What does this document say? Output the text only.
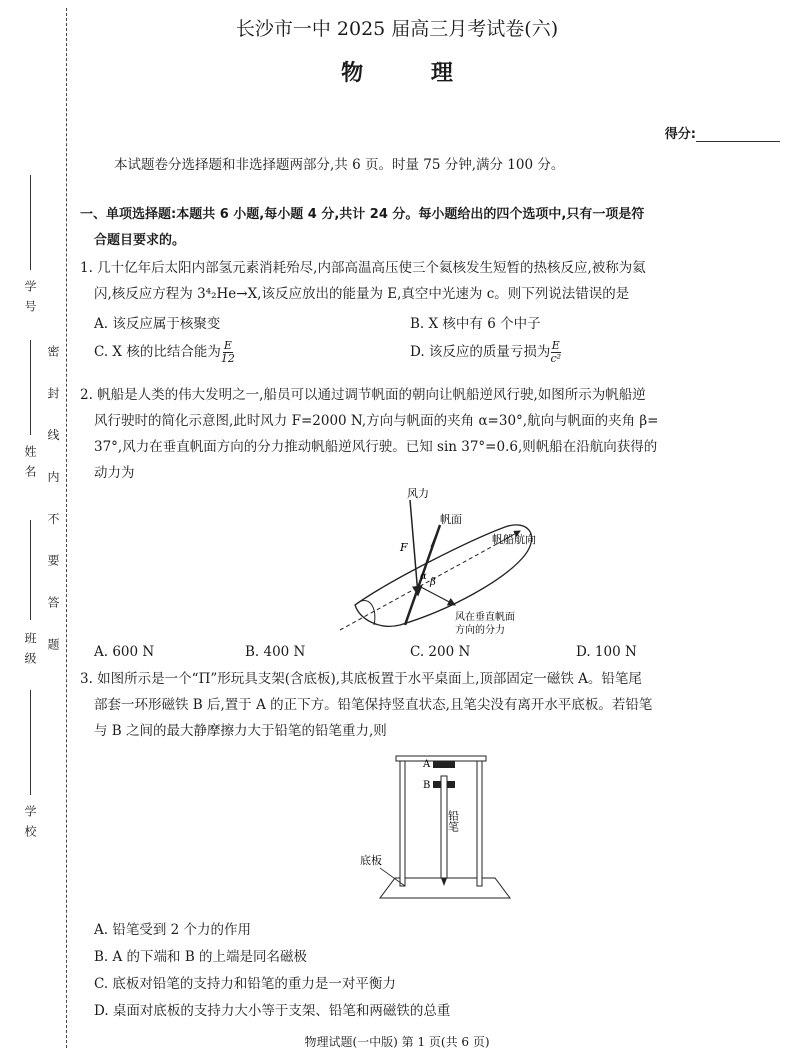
学 号
姓 名
班 级
学 校
密 封 线 内 不 要 答 题
长沙市一中 2025 届高三月考试卷(六)
物 理
得分:

本试题卷分选择题和非选择题两部分,共 6 页。时量 75 分钟,满分 100 分。

一、单项选择题:本题共 6 小题,每小题 4 分,共计 24 分。每小题给出的四个选项中,只有一项是符

合题目要求的。

1. 几十亿年后太阳内部氢元素消耗殆尽,内部高温高压使三个氦核发生短暂的热核反应,被称为氦

闪,核反应方程为 3⁴₂He→X,该反应放出的能量为 E,真空中光速为 c。则下列说法错误的是

A. 该反应属于核聚变	B. X 核中有 6 个中子
C. X 核的比结合能为 $\frac{E}{12}$	D. 该反应的质量亏损为 $\frac{E}{\text{c²}}$

2. 帆船是人类的伟大发明之一,船员可以通过调节帆面的朝向让帆船逆风行驶,如图所示为帆船逆

风行驶时的简化示意图,此时风力 F=2000 N,方向与帆面的夹角 α=30°,航向与帆面的夹角 β=

37°,风力在垂直帆面方向的分力推动帆船逆风行驶。已知 sin 37°=0.6,则帆船在沿航向获得的

动力为

风力
帆面
帆船航向
F
α
β
风在垂直帆面
方向的分力
A. 600 N	B. 400 N	C. 200 N	D. 100 N

3. 如图所示是一个“Π”形玩具支架(含底板),其底板置于水平桌面上,顶部固定一磁铁 A。铅笔尾

部套一环形磁铁 B 后,置于 A 的正下方。铅笔保持竖直状态,且笔尖没有离开水平底板。若铅笔

与 B 之间的最大静摩擦力大于铅笔的铅笔重力,则

A
B
铅笔
底板
A. 铅笔受到 2 个力的作用
B. A 的下端和 B 的上端是同名磁极
C. 底板对铅笔的支持力和铅笔的重力是一对平衡力
D. 桌面对底板的支持力大小等于支架、铅笔和两磁铁的总重
物理试题(一中版) 第 1 页(共 6 页)
